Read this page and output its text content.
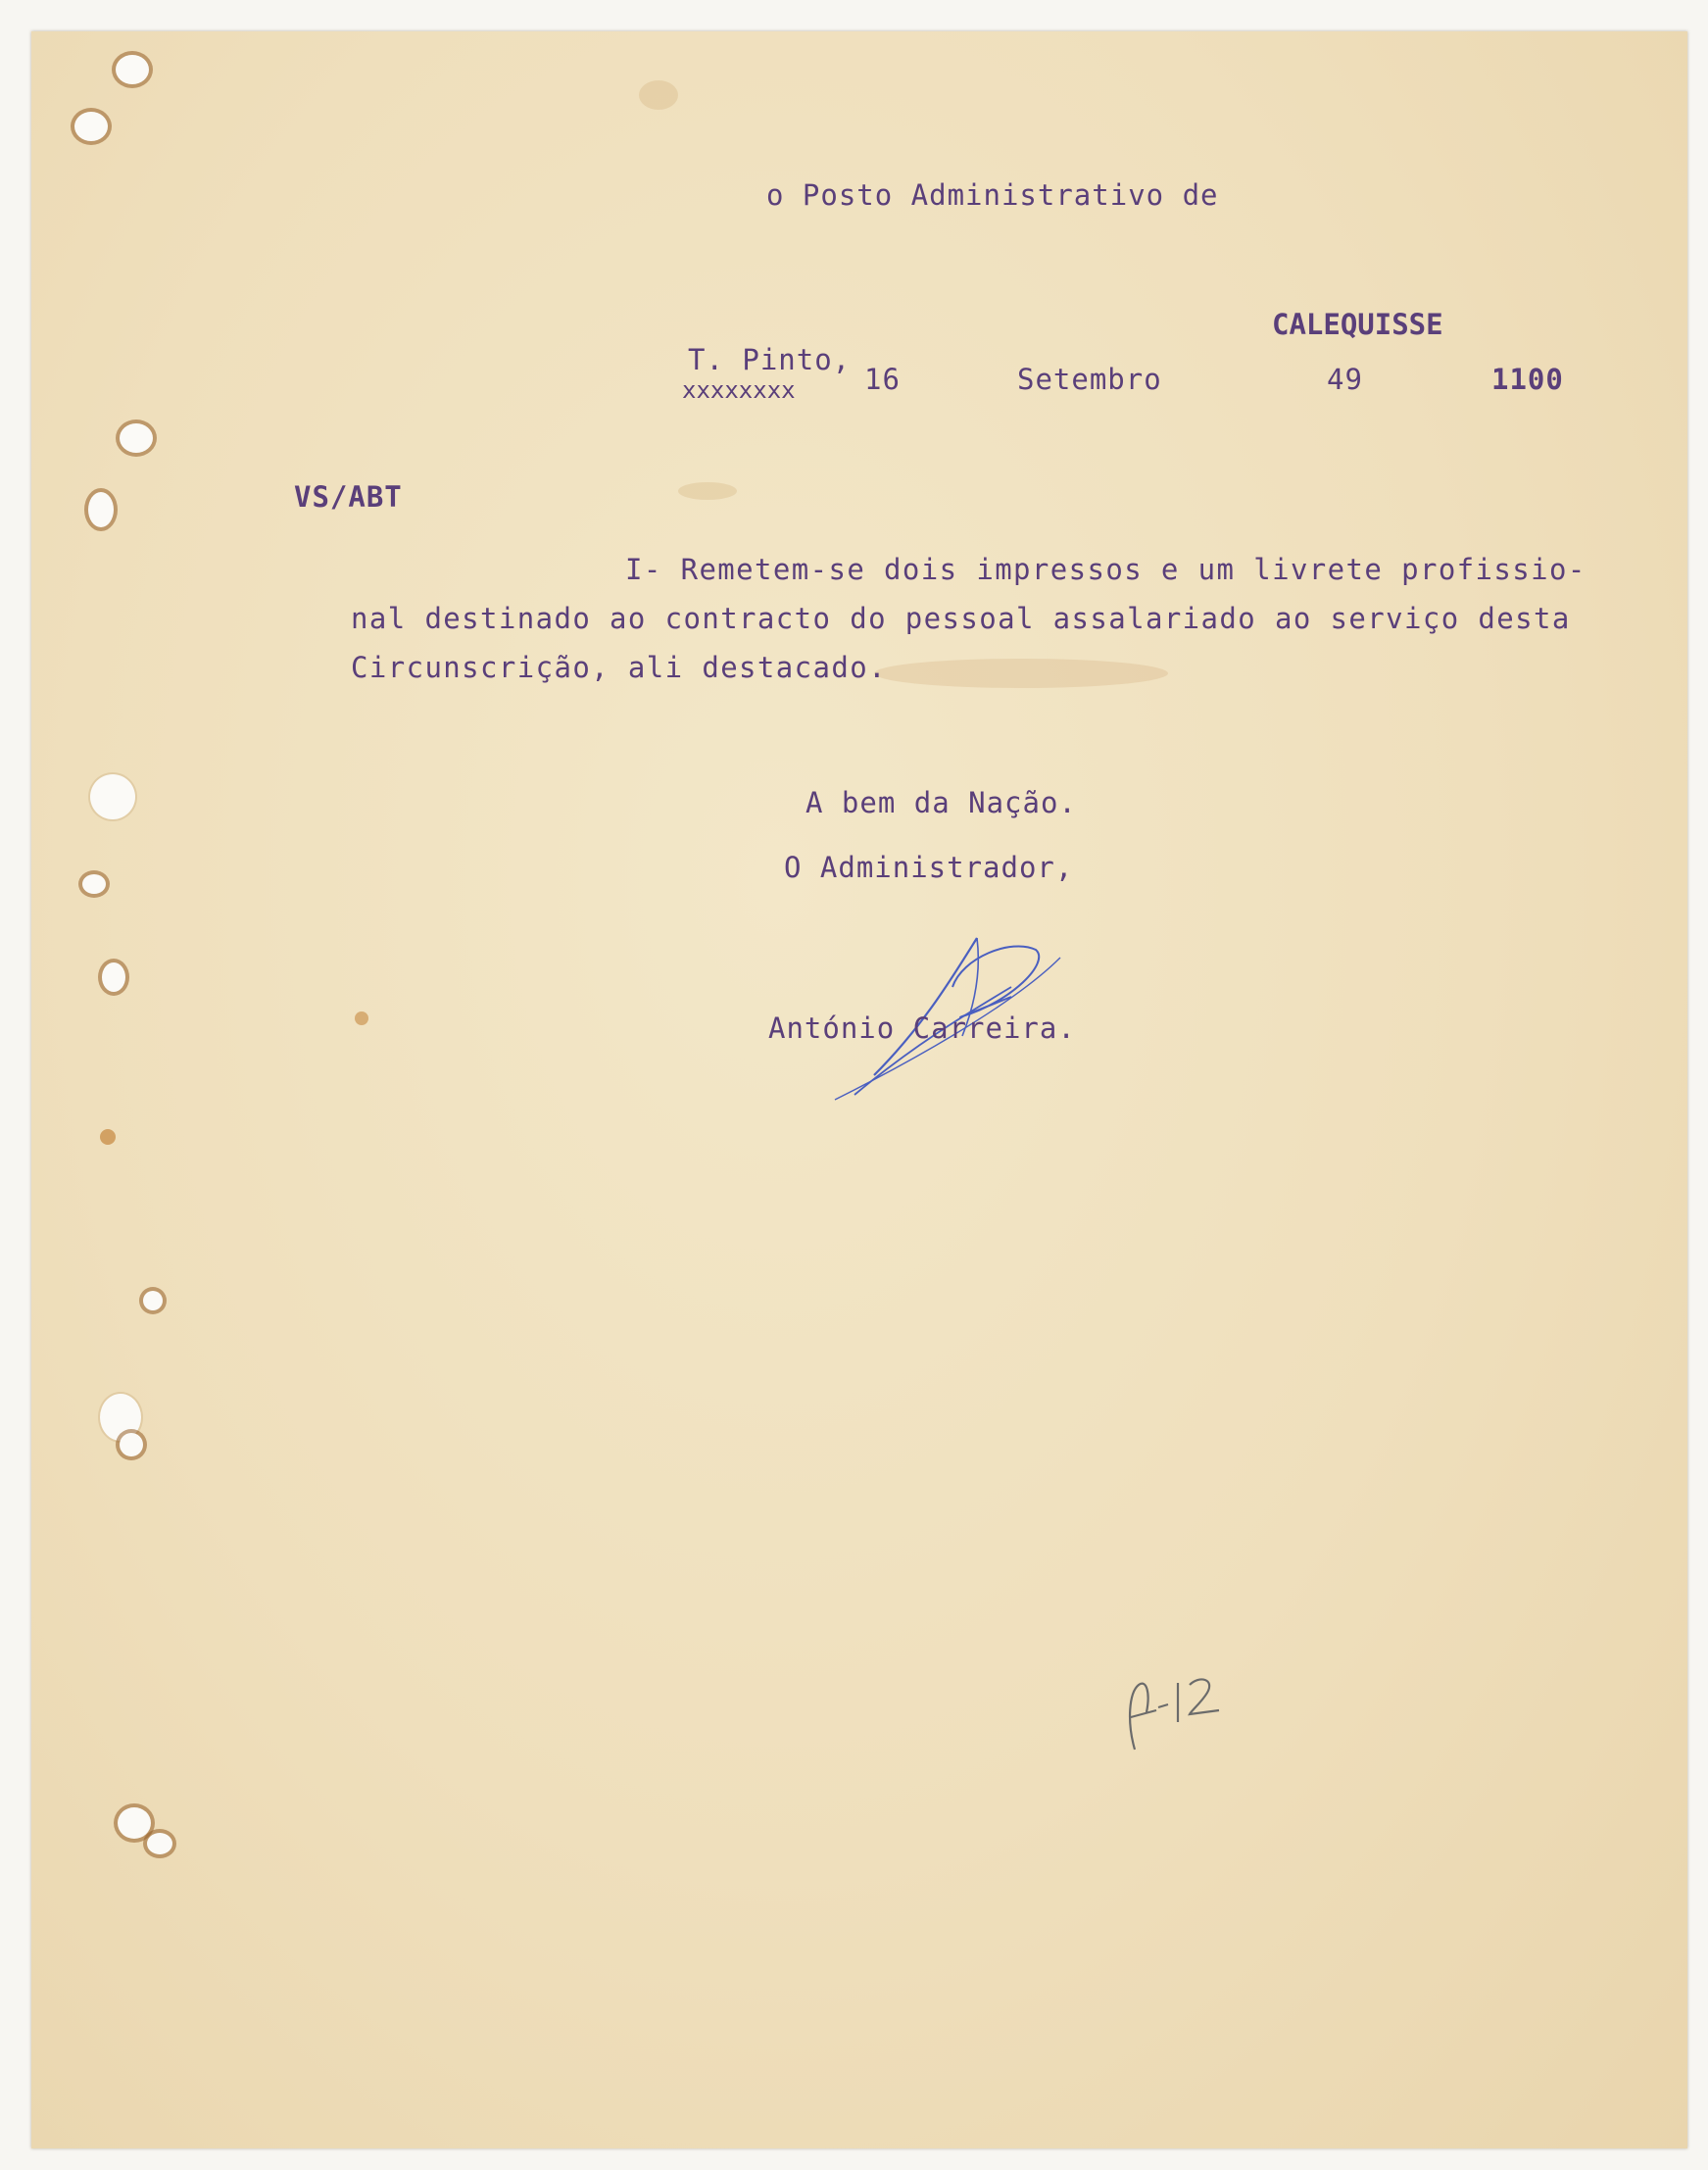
o Posto Administrativo de
CALEQUISSE
T. Pinto,
xxxxxxxx 16	Setembro	49	1100
VS/ABT
I- Remetem-se dois impressos e um livrete profissio-
nal destinado ao contracto do pessoal assalariado ao serviço desta
Circunscrição, ali destacado.
A bem da Nação.
O Administrador,
António Carreira.
